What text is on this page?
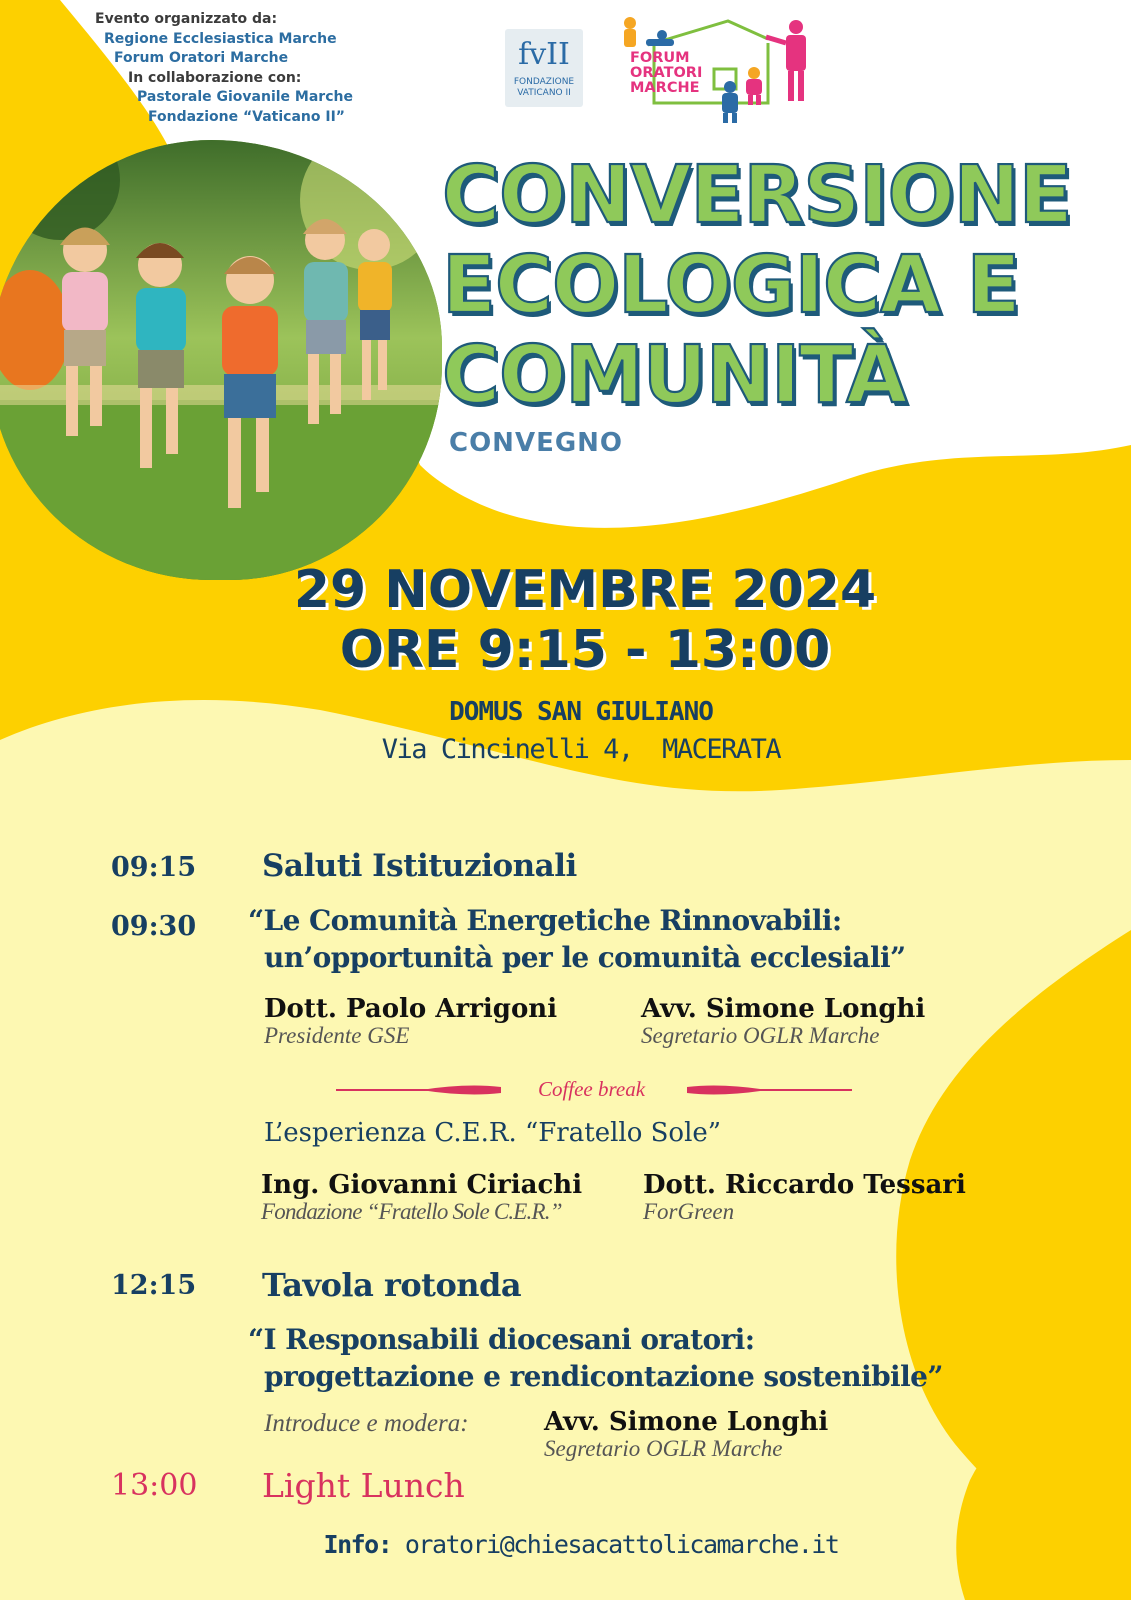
Evento organizzato da:
Regione Ecclesiastica Marche
Forum Oratori Marche
In collaborazione con:
Pastorale Giovanile Marche
Fondazione “Vaticano II”
fvII
FONDAZIONE
VATICANO II
FORUM
ORATORI
MARCHE
CONVERSIONE
ECOLOGICA E
COMUNITÀ
CONVEGNO
29 NOVEMBRE 2024
ORE 9:15 - 13:00
DOMUS SAN GIULIANO
Via Cincinelli 4,  MACERATA
09:15 Saluti Istituzionali
09:30 “Le Comunità Energetiche Rinnovabili:
un’opportunità per le comunità ecclesiali”
Dott. Paolo Arrigoni
Presidente GSE
Avv. Simone Longhi
Segretario OGLR Marche
Coffee break
L’esperienza C.E.R. “Fratello Sole”
Ing. Giovanni Ciriachi
Fondazione “Fratello Sole C.E.R.”
Dott. Riccardo Tessari
ForGreen
12:15 Tavola rotonda
“I Responsabili diocesani oratori:
progettazione e rendicontazione sostenibile”
Introduce e modera:	Avv. Simone Longhi
Segretario OGLR Marche
13:00 Light Lunch
Info: oratori@chiesacattolicamarche.it
